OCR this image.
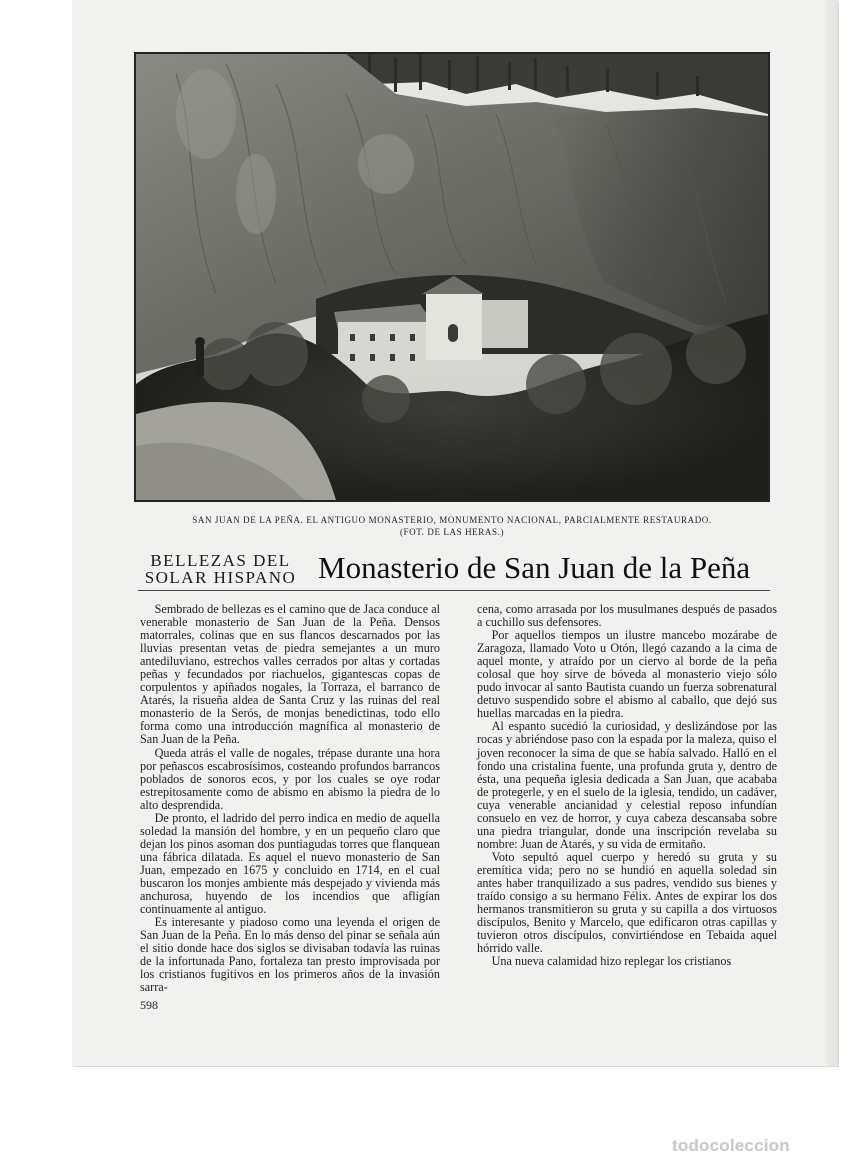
SAN JUAN DE LA PEÑA. EL ANTIGUO MONASTERIO, MONUMENTO NACIONAL, PARCIALMENTE RESTAURADO.
(FOT. DE LAS HERAS.)
BELLEZAS DEL
SOLAR HISPANO Monasterio de San Juan de la Peña

Sembrado de bellezas es el camino que de Jaca conduce al venerable monasterio de San Juan de la Peña. Densos matorrales, colinas que en sus flancos descarnados por las lluvias presentan vetas de piedra semejantes a un muro antediluviano, estrechos valles cerrados por altas y cortadas peñas y fecundados por riachuelos, gigantescas copas de corpulentos y apiñados nogales, la Torraza, el barranco de Atarés, la risueña aldea de Santa Cruz y las ruinas del real monasterio de la Serós, de monjas benedictinas, todo ello forma como una introducción magnífica al monasterio de San Juan de la Peña.

Queda atrás el valle de nogales, trépase durante una hora por peñascos escabrosísimos, costeando profundos barrancos poblados de sonoros ecos, y por los cuales se oye rodar estrepitosamente como de abismo en abismo la piedra de lo alto desprendida.

De pronto, el ladrido del perro indica en medio de aquella soledad la mansión del hombre, y en un pequeño claro que dejan los pinos asoman dos puntiagudas torres que flanquean una fábrica dilatada. Es aquel el nuevo monasterio de San Juan, empezado en 1675 y concluido en 1714, en el cual buscaron los monjes ambiente más despejado y vivienda más anchurosa, huyendo de los incendios que afligían continuamente al antiguo.

Es interesante y piadoso como una leyenda el origen de San Juan de la Peña. En lo más denso del pinar se señala aún el sitio donde hace dos siglos se divisaban todavía las ruinas de la infortunada Pano, fortaleza tan presto improvisada por los cristianos fugitivos en los primeros años de la invasión sarra-

cena, como arrasada por los musulmanes después de pasados a cuchillo sus defensores.

Por aquellos tiempos un ilustre mancebo mozárabe de Zaragoza, llamado Voto u Otón, llegó cazando a la cima de aquel monte, y atraído por un ciervo al borde de la peña colosal que hoy sirve de bóveda al monasterio viejo sólo pudo invocar al santo Bautista cuando un fuerza sobrenatural detuvo suspendido sobre el abismo al caballo, que dejó sus huellas marcadas en la piedra.

Al espanto sucedió la curiosidad, y deslizándose por las rocas y abriéndose paso con la espada por la maleza, quiso el joven reconocer la sima de que se había salvado. Halló en el fondo una cristalina fuente, una profunda gruta y, dentro de ésta, una pequeña iglesia dedicada a San Juan, que acababa de protegerle, y en el suelo de la iglesia, tendido, un cadáver, cuya venerable ancianidad y celestial reposo infundían consuelo en vez de horror, y cuya cabeza descansaba sobre una piedra triangular, donde una inscripción revelaba su nombre: Juan de Atarés, y su vida de ermitaño.

Voto sepultó aquel cuerpo y heredó su gruta y su eremítica vida; pero no se hundió en aquella soledad sin antes haber tranquilizado a sus padres, vendido sus bienes y traído consigo a su hermano Félix. Antes de expirar los dos hermanos transmitieron su gruta y su capilla a dos virtuosos discípulos, Benito y Marcelo, que edificaron otras capillas y tuvieron otros discípulos, convirtiéndose en Tebaida aquel hórrido valle.

Una nueva calamidad hizo replegar los cristianos

598
todocoleccion
